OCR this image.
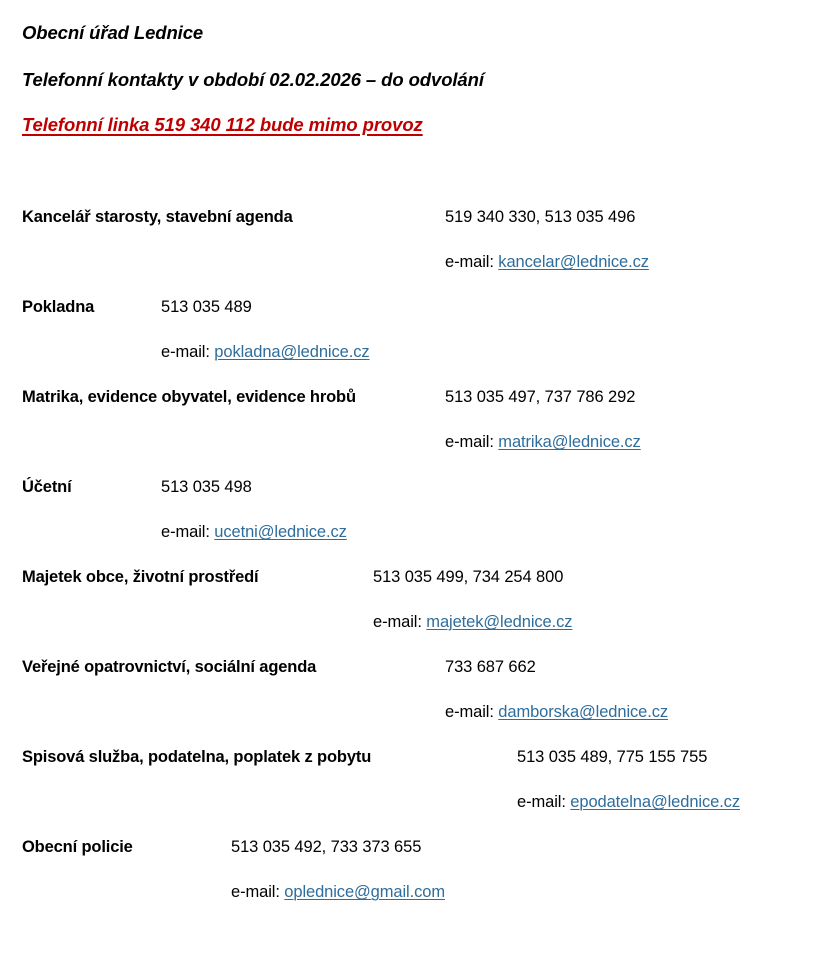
Obecní úřad Lednice
Telefonní kontakty v období 02.02.2026 – do odvolání
Telefonní linka 519 340 112 bude mimo provoz
Kancelář starosty, stavební agenda	519 340 330, 513 035 496
e-mail: kancelar@lednice.cz
Pokladna	513 035 489
e-mail: pokladna@lednice.cz
Matrika, evidence obyvatel, evidence hrobů	513 035 497, 737 786 292
e-mail: matrika@lednice.cz
Účetní	513 035 498
e-mail: ucetni@lednice.cz
Majetek obce, životní prostředí	513 035 499, 734 254 800
e-mail: majetek@lednice.cz
Veřejné opatrovnictví, sociální agenda	733 687 662
e-mail: damborska@lednice.cz
Spisová služba, podatelna, poplatek z pobytu	513 035 489, 775 155 755
e-mail: epodatelna@lednice.cz
Obecní policie	513 035 492, 733 373 655
e-mail: oplednice@gmail.com
